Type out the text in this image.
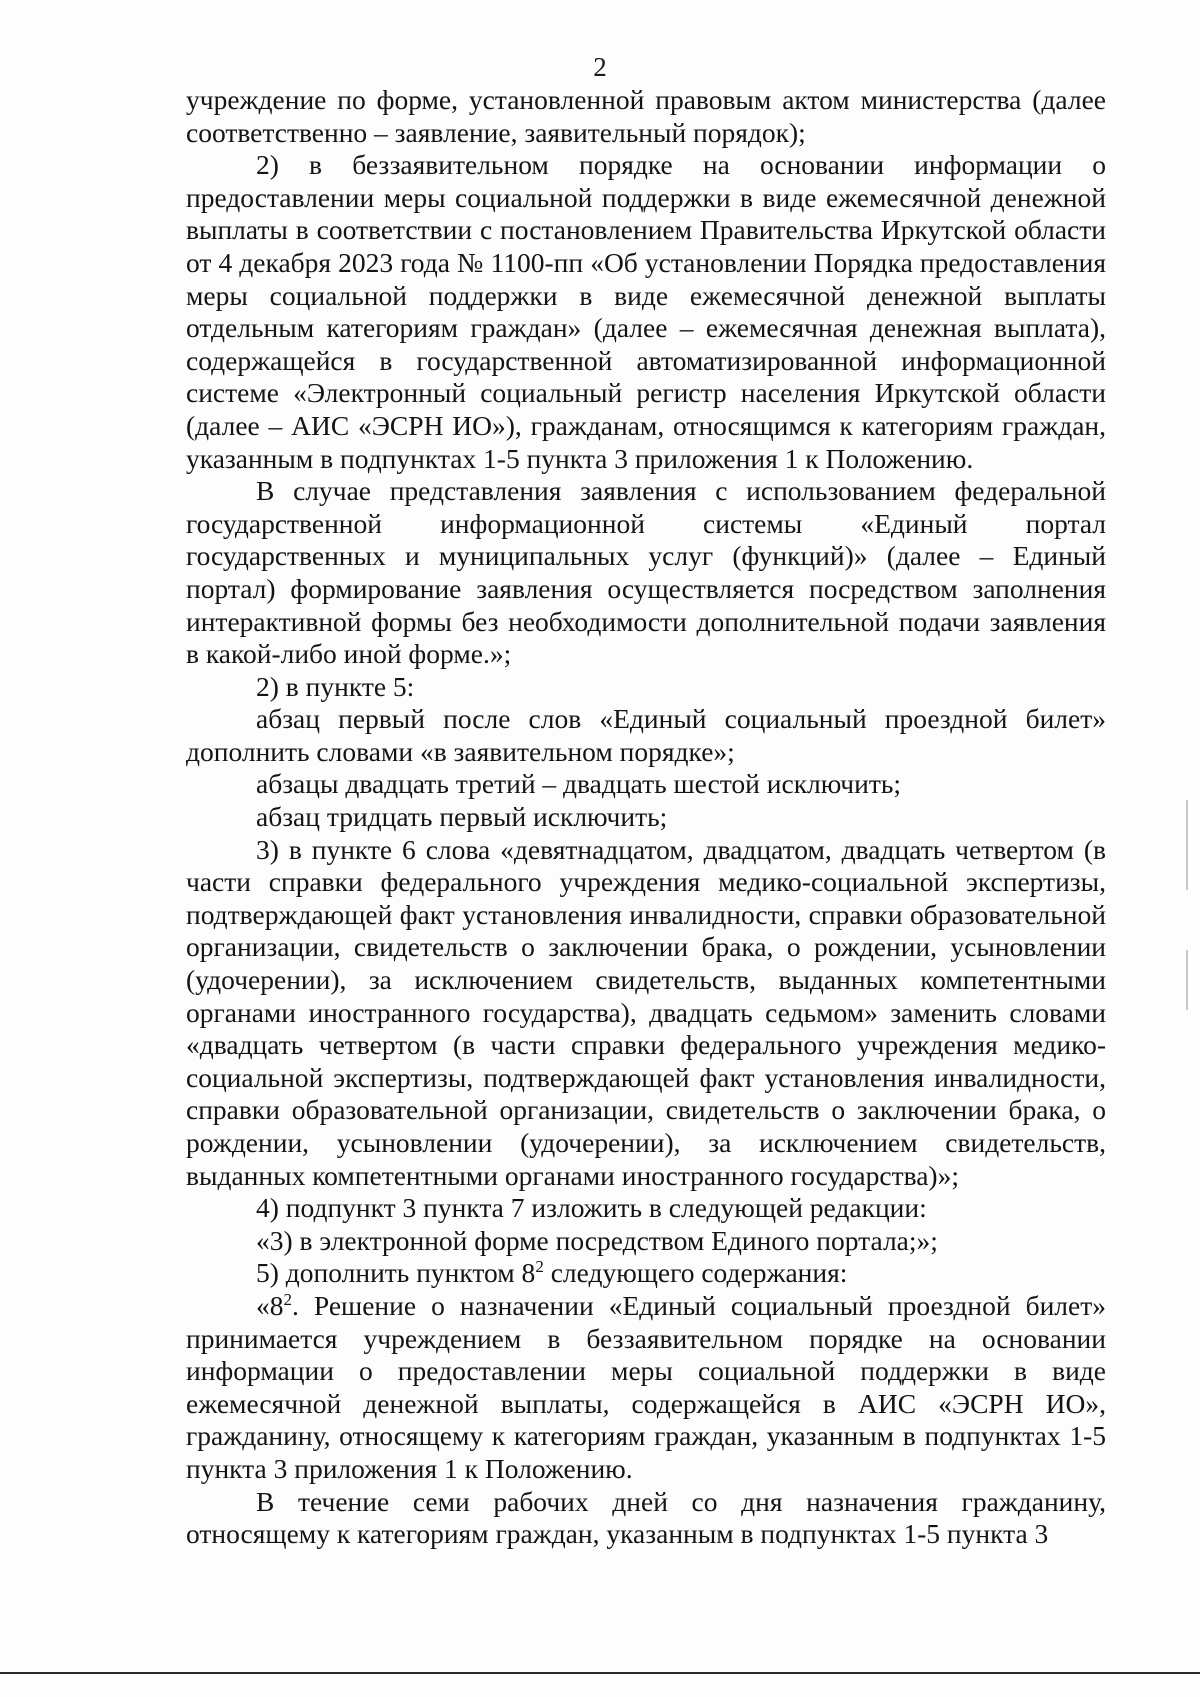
2

учреждение по форме, установленной правовым актом министерства (далее соответственно – заявление, заявительный порядок);

2) в беззаявительном порядке на основании информации о предоставлении меры социальной поддержки в виде ежемесячной денежной выплаты в соответствии с постановлением Правительства Иркутской области от 4 декабря 2023 года № 1100-пп «Об установлении Порядка предоставления меры социальной поддержки в виде ежемесячной денежной выплаты отдельным категориям граждан» (далее – ежемесячная денежная выплата), содержащейся в государственной автоматизированной информационной системе «Электронный социальный регистр населения Иркутской области (далее – АИС «ЭСРН ИО»), гражданам, относящимся к категориям граждан, указанным в подпунктах 1-5 пункта 3 приложения 1 к Положению.

В случае представления заявления с использованием федеральной государственной информационной системы «Единый портал государственных и муниципальных услуг (функций)» (далее – Единый портал) формирование заявления осуществляется посредством заполнения интерактивной формы без необходимости дополнительной подачи заявления в какой-либо иной форме.»;

2) в пункте 5:

абзац первый после слов «Единый социальный проездной билет» дополнить словами «в заявительном порядке»;

абзацы двадцать третий – двадцать шестой исключить;

абзац тридцать первый исключить;

3) в пункте 6 слова «девятнадцатом, двадцатом, двадцать четвертом (в части справки федерального учреждения медико-социальной экспертизы, подтверждающей факт установления инвалидности, справки образовательной организации, свидетельств о заключении брака, о рождении, усыновлении (удочерении), за исключением свидетельств, выданных компетентными органами иностранного государства), двадцать седьмом» заменить словами «двадцать четвертом (в части справки федерального учреждения медико-социальной экспертизы, подтверждающей факт установления инвалидности, справки образовательной организации, свидетельств о заключении брака, о рождении, усыновлении (удочерении), за исключением свидетельств, выданных компетентными органами иностранного государства)»;

4) подпункт 3 пункта 7 изложить в следующей редакции:

«3) в электронной форме посредством Единого портала;»;

5) дополнить пунктом $8^2$ следующего содержания:

«$8^2$. Решение о назначении «Единый социальный проездной билет» принимается учреждением в беззаявительном порядке на основании информации о предоставлении меры социальной поддержки в виде ежемесячной денежной выплаты, содержащейся в АИС «ЭСРН ИО», гражданину, относящему к категориям граждан, указанным в подпунктах 1-5 пункта 3 приложения 1 к Положению.

В течение семи рабочих дней со дня назначения гражданину, относящему к категориям граждан, указанным в подпунктах 1-5 пункта 3
